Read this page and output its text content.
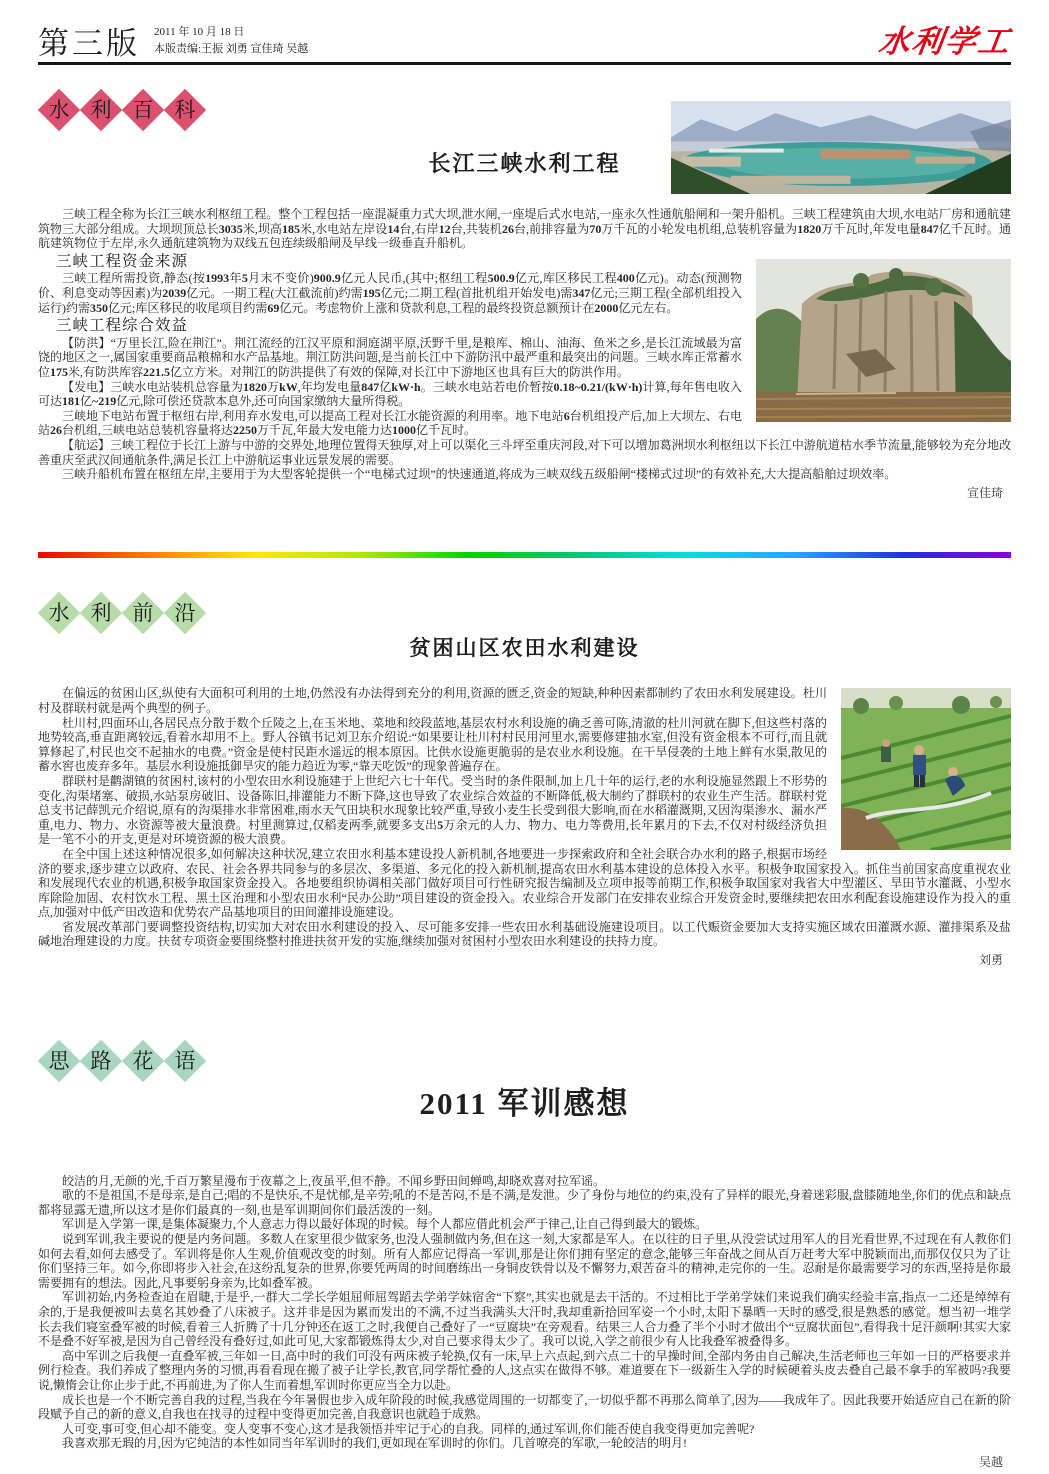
第三版 2011 年 10 月 18 日
本版责编:王振 刘勇 宣佳琦 吴越	水利学工
水 利 百 科
长江三峡水利工程

三峡工程全称为长江三峡水利枢纽工程。整个工程包括一座混凝重力式大坝,泄水闸,一座堤后式水电站,一座永久性通航船闸和一架升船机。三峡工程建筑由大坝,水电站厂房和通航建筑物三大部分组成。大坝坝顶总长3035米,坝高185米,水电站左岸设14台,右岸12台,共装机26台,前排容量为70万千瓦的小轮发电机组,总装机容量为1820万千瓦时,年发电量847亿千瓦时。通航建筑物位于左岸,永久通航建筑物为双线五包连续级船闸及早线一级垂直升船机。

三峡工程资金来源

三峡工程所需投资,静态(按1993年5月末不变价)900.9亿元人民币,(其中;枢纽工程500.9亿元,库区移民工程400亿元)。动态(预测物价、利息变动等因素)为2039亿元。一期工程(大江截流前)约需195亿元;二期工程(首批机组开始发电)需347亿元;三期工程(全部机组投入运行)约需350亿元;库区移民的收尾项目约需69亿元。考虑物价上涨和贷款利息,工程的最终投资总额预计在2000亿元左右。

三峡工程综合效益

【防洪】“万里长江,险在荆江”。荆江流经的江汉平原和洞庭湖平原,沃野千里,是粮库、棉山、油海、鱼米之乡,是长江流域最为富饶的地区之一,属国家重要商品粮棉和水产品基地。荆江防洪问题,是当前长江中下游防汛中最严重和最突出的问题。三峡水库正常蓄水位175米,有防洪库容221.5亿立方米。对荆江的防洪提供了有效的保障,对长江中下游地区也具有巨大的防洪作用。

【发电】三峡水电站装机总容量为1820万kW,年均发电量847亿kW·h。三峡水电站若电价暂按0.18~0.21/(kW·h)计算,每年售电收入可达181亿~219亿元,除可偿还贷款本息外,还可向国家缴纳大量所得税。

三峡地下电站布置于枢纽右岸,利用弃水发电,可以提高工程对长江水能资源的利用率。地下电站6台机组投产后,加上大坝左、右电站26台机组,三峡电站总装机容量将达2250万千瓦,年最大发电能力达1000亿千瓦时。

【航运】三峡工程位于长江上游与中游的交界处,地理位置得天独厚,对上可以渠化三斗坪至重庆河段,对下可以增加葛洲坝水利枢纽以下长江中游航道枯水季节流量,能够较为充分地改善重庆至武汉间通航条件,满足长江上中游航运事业远景发展的需要。

三峡升船机布置在枢纽左岸,主要用于为大型客轮提供一个“电梯式过坝”的快速通道,将成为三峡双线五级船闸“楼梯式过坝”的有效补充,大大提高船舶过坝效率。

宣佳琦
水 利 前 沿
贫困山区农田水利建设

在偏远的贫困山区,纵使有大面积可利用的土地,仍然没有办法得到充分的利用,资源的匮乏,资金的短缺,种种因素都制约了农田水利发展建设。杜川村及群联村就是两个典型的例子。

杜川村,四面环山,各居民点分散于数个丘陵之上,在玉米地、菜地和绞段蓝地,基层农村水利设施的确乏善可陈,清澈的杜川河就在脚下,但这些村落的地势较高,垂直距离较远,看着水却用不上。野人谷镇书记刘卫东介绍说:“如果要让杜川村村民用河里水,需要修建抽水室,但没有资金根本不可行,而且就算修起了,村民也交不起抽水的电费。”资金是使村民距水遥远的根本原因。比供水设施更脆弱的是农业水利设施。在干旱侵袭的土地上鲜有水渠,散见的蓄水窖也废弃多年。基层水利设施抵御旱灾的能力趋近为零,“靠天吃饭”的现象普遍存在。

群联村是鹳湖镇的贫困村,该村的小型农田水利设施建于上世纪六七十年代。受当时的条件限制,加上几十年的运行,老的水利设施显然跟上不形势的变化,沟渠堵塞、破损,水站泵房破旧、设备陈旧,排灌能力不断下降,这也导致了农业综合效益的不断降低,极大制约了群联村的农业生产生活。群联村党总支书记薛凯元介绍说,原有的沟渠排水非常困难,雨水天气田块积水现象比较严重,导致小麦生长受到很大影响,而在水稻灌溉期,又因沟渠渗水、漏水严重,电力、物力、水资源等被大量浪费。村里测算过,仅稻麦两季,就要多支出5万余元的人力、物力、电力等费用,长年累月的下去,不仅对村级经济负担是一笔不小的开支,更是对环境资源的极大浪费。

在全中国上述这种情况很多,如何解决这种状况,建立农田水利基本建设投人新机制,各地要进一步探索政府和全社会联合办水利的路子,根据市场经济的要求,逐步建立以政府、农民、社会各界共同参与的多层次、多渠道、多元化的投入新机制,提高农田水利基本建设的总体投入水平。积极争取国家投入。抓住当前国家高度重视农业和发展现代农业的机遇,积极争取国家资金投入。各地要组织协调相关部门做好项目可行性研究报告编制及立项申报等前期工作,积极争取国家对我省大中型灌区、旱田节水灌溉、小型水库除险加固、农村饮水工程、黑土区治理和小型农田水利“民办公助”项目建设的资金投入。农业综合开发部门在安排农业综合开发资金时,要继续把农田水利配套设施建设作为投入的重点,加强对中低产田改造和优势农产品基地项目的田间灌排设施建设。

省发展改革部门要调整投资结构,切实加大对农田水利建设的投入、尽可能多安排一些农田水利基础设施建设项目。以工代赈资金要加大支持实施区域农田灌溉水源、灌排渠系及盐碱地治理建设的力度。扶贫专项资金要围绕整村推进扶贫开发的实施,继续加强对贫困村小型农田水利建设的扶持力度。

刘勇
思 路 花 语
2011 军训感想

皎洁的月,无颜的光,千百万繁星漫布于夜幕之上,夜虽平,但不静。不闻乡野田间蝉鸣,却晓欢喜对拉军谣。

歌的不是祖国,不是母亲,是自己;唱的不是快乐,不是忧郁,是辛劳;吼的不是苦闷,不是不满,是发泄。少了身份与地位的约束,没有了异样的眼光,身着迷彩服,盘膝随地坐,你们的优点和缺点都将显露无遗,所以这才是你们最真的一刻,也是军训期间你们最活泼的一刻。

军训是入学第一课,是集体凝聚力,个人意志力得以最好体现的时候。每个人都应借此机会严于律己,让自己得到最大的锻炼。

说到军训,我主要说的便是内务问题。多数人在家里很少做家务,也没人强制做内务,但在这一刻,大家都是军人。在以往的日子里,从没尝试过用军人的目光看世界,不过现在有人教你们如何去看,如何去感受了。军训将是你人生观,价值观改变的时刻。所有人都应记得高一军训,那是让你们拥有坚定的意念,能够三年奋战之间从百万赶考大军中脱颖而出,而那仅仅只为了让你们坚持三年。如今,你即将步入社会,在这纷乱复杂的世界,你要凭两周的时间磨练出一身铜皮铁骨以及不懈努力,艰苦奋斗的精神,走完你的一生。忍耐是你最需要学习的东西,坚持是你最需要拥有的想法。因此,凡事要躬身亲为,比如叠军被。

军训初始,内务检查迫在眉睫,于是乎,一群大二学长学姐屈师屈驾蹈去学弟学妹宿舍“下察”,其实也就是去干活的。不过相比于学弟学妹们来说我们确实经验丰富,指点一二还是绰绰有余的,于是我便被叫去莫名其妙叠了八床被子。这并非是因为累而发出的不满,不过当我满头大汗时,我却重新拾回军姿一个小时,太阳下暴晒一天时的感受,很是熟悉的感觉。想当初一堆学长去我们寝室叠军被的时候,看着三人折腾了十几分钟还在返工之时,我便自己叠好了一“豆腐块”在旁观看。结果三人合力叠了半个小时才做出个“豆腐状面包”,看得我十足汗颜啊!其实大家不是叠不好军被,是因为自己曾经没有叠好过,如此可见,大家都锻炼得太少,对自己要求得太少了。我可以说,入学之前很少有人比我叠军被叠得多。

高中军训之后我便一直叠军被,三年如一日,高中时的我们可没有两床被子轮换,仅有一床,早上六点起,到六点二十的早操时间,全部内务由自己解决,生活老师也三年如一日的严格要求并例行检查。我们养成了整理内务的习惯,再看看现在搬了被子让学长,教官,同学帮忙叠的人,这点实在做得不够。难道要在下一级新生入学的时候硬着头皮去叠自己最不拿手的军被吗?我要说,懒惰会让你止步于此,不再前进,为了你人生而着想,军训时你更应当全力以赴。

成长也是一个不断完善自我的过程,当我在今年暑假也步入成年阶段的时候,我感觉周围的一切都变了,一切似乎都不再那么简单了,因为——我成年了。因此我要开始适应自己在新的阶段赋予自己的新的意义,自我也在找寻的过程中变得更加完善,自我意识也就趋于成熟。

人可变,事可变,但心却不能变。变人变事不变心,这才是我领悟并牢记于心的自我。同样的,通过军训,你们能否使自我变得更加完善呢?

我喜欢那无瑕的月,因为它纯洁的本性如同当年军训时的我们,更如现在军训时的你们。几首嘹亮的军歌,一轮皎洁的明月!

吴越
